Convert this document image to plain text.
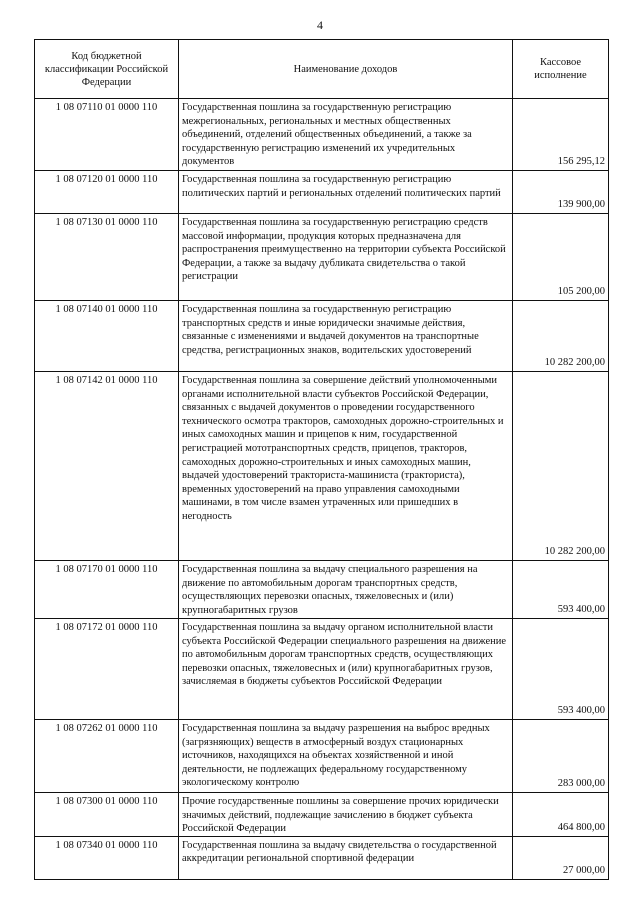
4
Код бюджетной классификации Российской Федерации	Наименование доходов	Кассовое исполнение
1 08 07110 01 0000 110	Государственная пошлина за государственную регистрацию межрегиональных, региональных и местных общественных объединений, отделений общественных объединений, а также за государственную регистрацию изменений их учредительных документов	156 295,12
1 08 07120 01 0000 110	Государственная пошлина за государственную регистрацию политических партий и региональных отделений политических партий	139 900,00
1 08 07130 01 0000 110	Государственная пошлина за государственную регистрацию средств массовой информации, продукция которых предназначена для распространения преимущественно на территории субъекта Российской Федерации, а также за выдачу дубликата свидетельства о такой регистрации	105 200,00
1 08 07140 01 0000 110	Государственная пошлина за государственную регистрацию транспортных средств и иные юридически значимые действия, связанные с изменениями и выдачей документов на транспортные средства, регистрационных знаков, водительских удостоверений	10 282 200,00
1 08 07142 01 0000 110	Государственная пошлина за совершение действий уполномоченными органами исполнительной власти субъектов Российской Федерации, связанных с выдачей документов о проведении государственного технического осмотра тракторов, самоходных дорожно-строительных и иных самоходных машин и прицепов к ним, государственной регистрацией мототранспортных средств, прицепов, тракторов, самоходных дорожно-строительных и иных самоходных машин, выдачей удостоверений тракториста-машиниста (тракториста), временных удостоверений на право управления самоходными машинами, в том числе взамен утраченных или пришедших в негодность	10 282 200,00
1 08 07170 01 0000 110	Государственная пошлина за выдачу специального разрешения на движение по автомобильным дорогам транспортных средств, осуществляющих перевозки опасных, тяжеловесных и (или) крупногабаритных грузов	593 400,00
1 08 07172 01 0000 110	Государственная пошлина за выдачу органом исполнительной власти субъекта Российской Федерации специального разрешения на движение по автомобильным дорогам транспортных средств, осуществляющих перевозки опасных, тяжеловесных и (или) крупногабаритных грузов, зачисляемая в бюджеты субъектов Российской Федерации	593 400,00
1 08 07262 01 0000 110	Государственная пошлина за выдачу разрешения на выброс вредных (загрязняющих) веществ в атмосферный воздух стационарных источников, находящихся на объектах хозяйственной и иной деятельности, не подлежащих федеральному государственному экологическому контролю	283 000,00
1 08 07300 01 0000 110	Прочие государственные пошлины за совершение прочих юридически значимых действий, подлежащие зачислению в бюджет субъекта Российской Федерации	464 800,00
1 08 07340 01 0000 110	Государственная пошлина за выдачу свидетельства о государственной аккредитации региональной спортивной федерации	27 000,00
